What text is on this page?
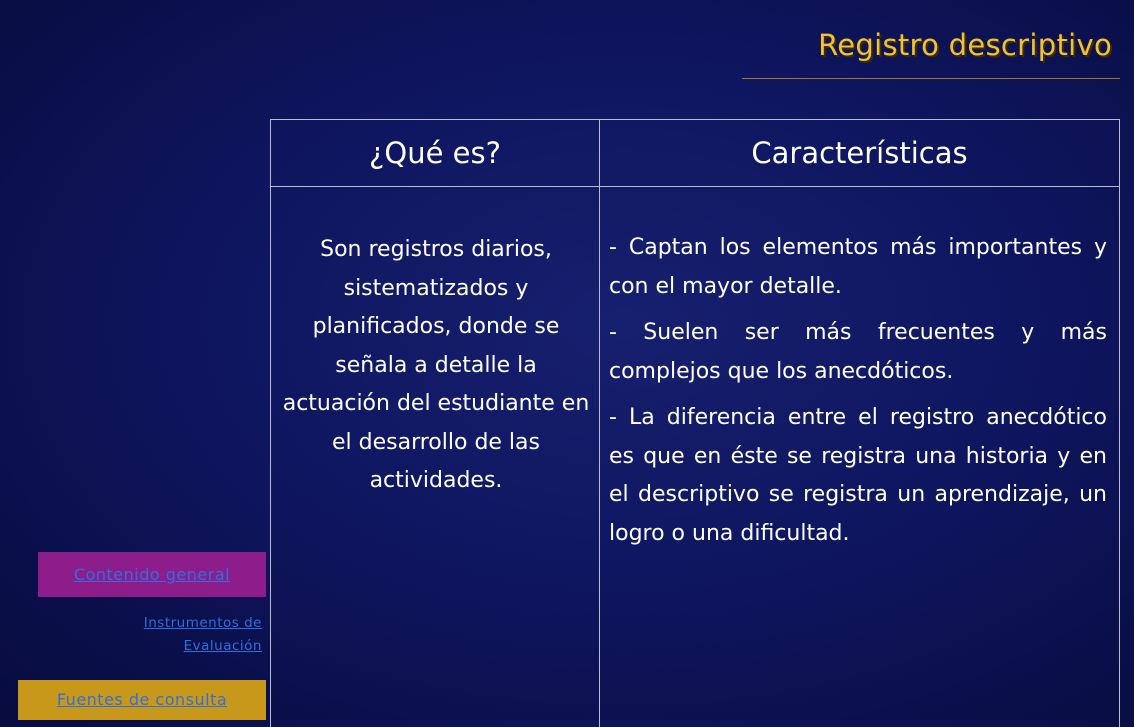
Registro descriptivo
¿Qué es?	Características

Son registros diarios, sistematizados y planificados, donde se señala a detalle la actuación del estudiante en el desarrollo de las actividades.	- Captan los elementos más importantes y con el mayor detalle.

- Suelen ser más frecuentes y más complejos que los anecdóticos.

- La diferencia entre el registro anecdótico es que en éste se registra una historia y en el descriptivo se registra un aprendizaje, un logro o una dificultad.

Contenido general
Instrumentos de
Evaluación
Fuentes de consulta
